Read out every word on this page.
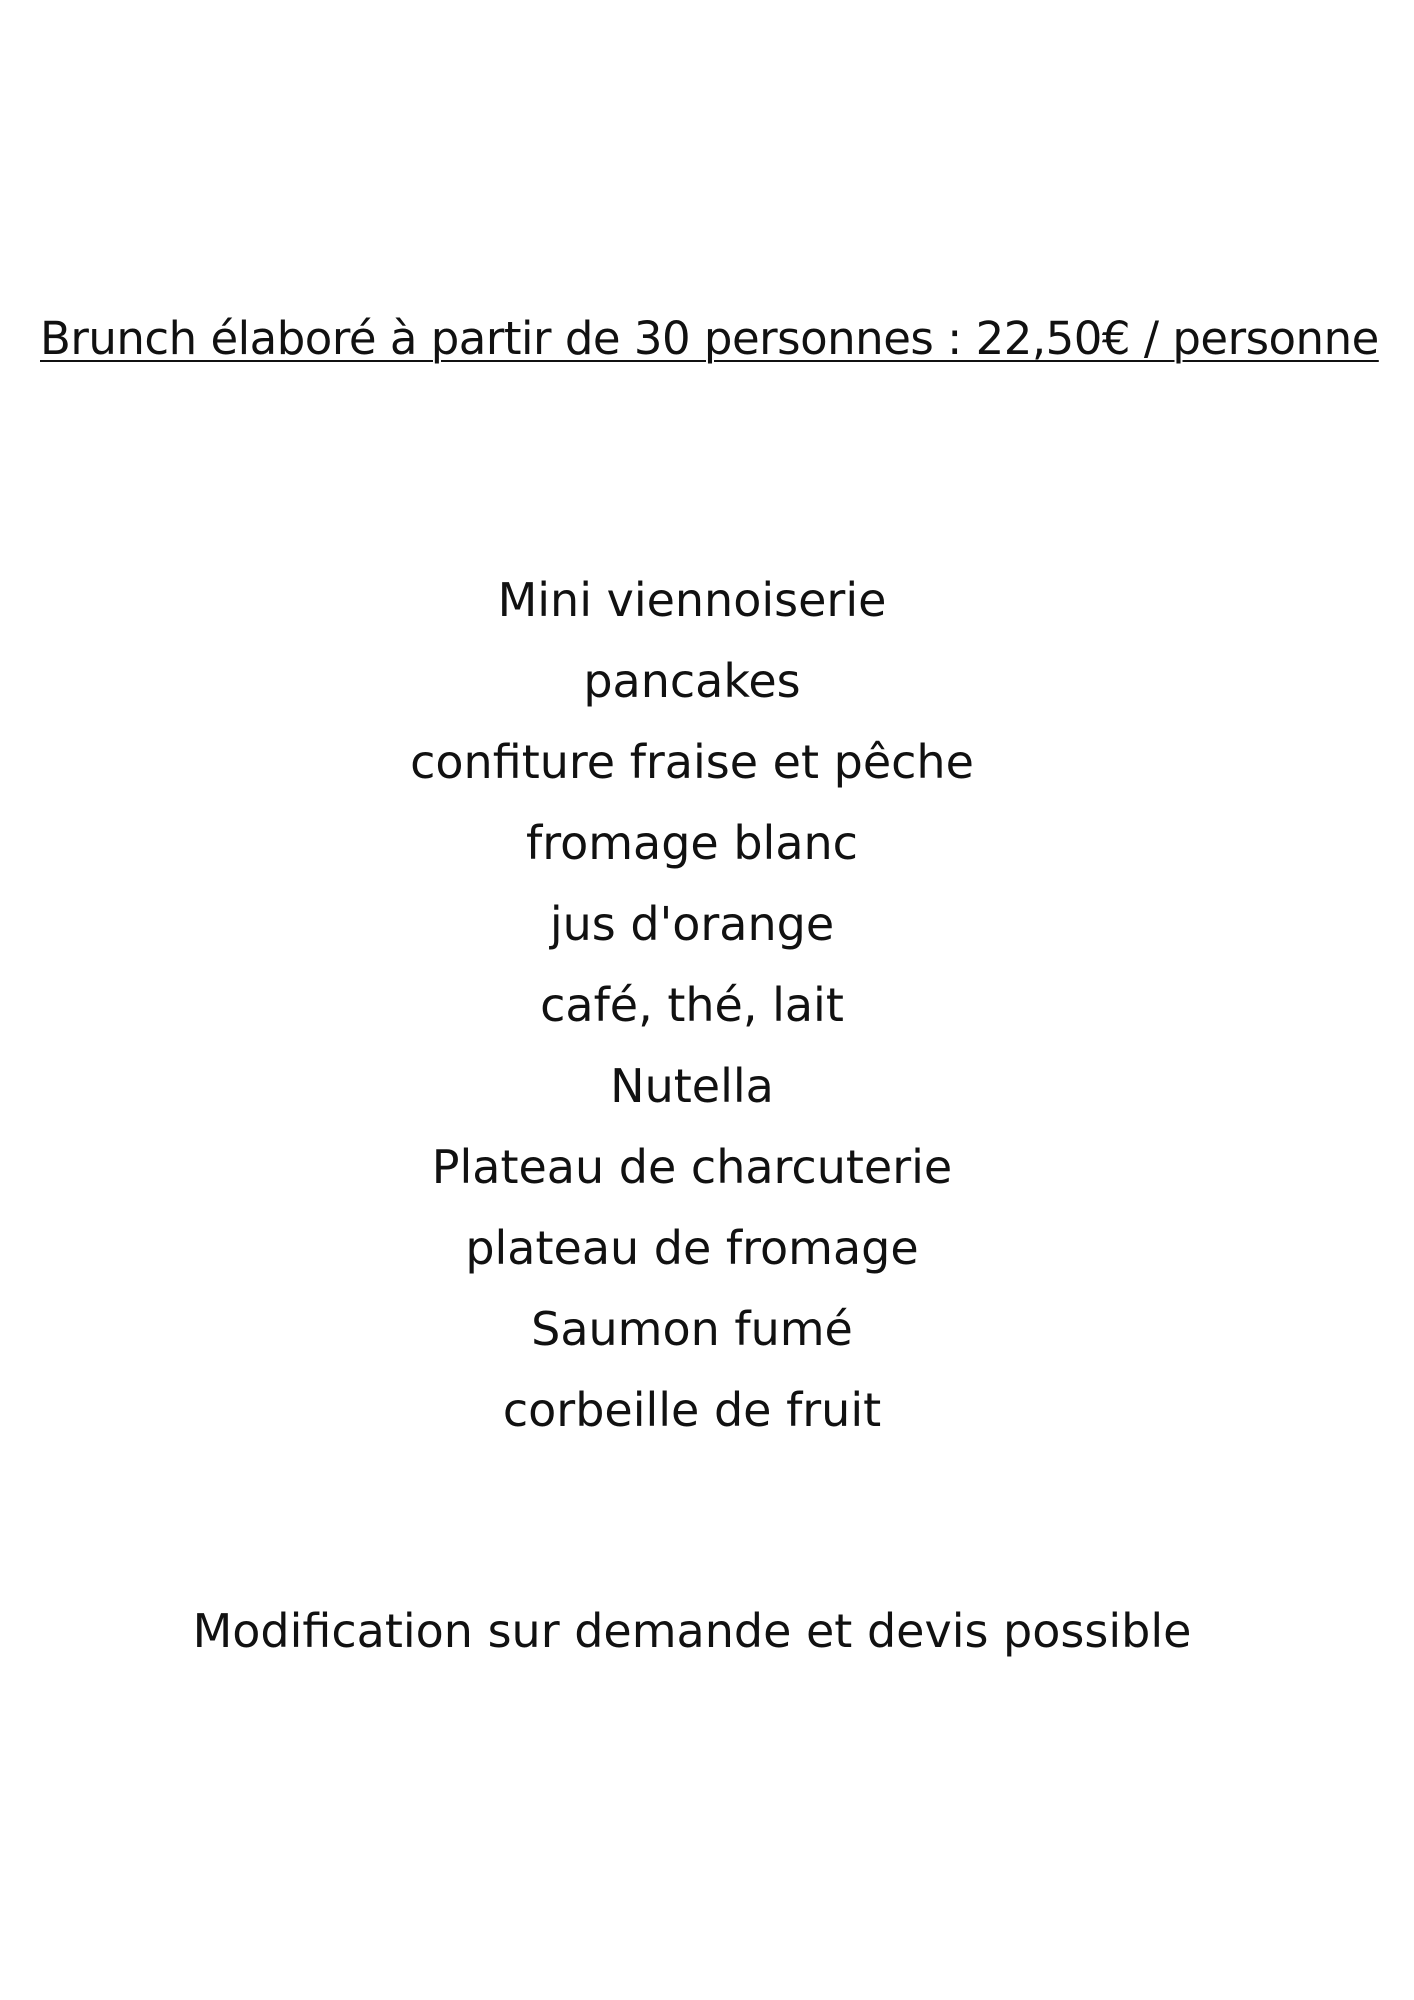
Brunch élaboré à partir de 30 personnes : 22,50€ / personne
Mini viennoiserie
pancakes
confiture fraise et pêche
fromage blanc
jus d'orange
café, thé, lait
Nutella
Plateau de charcuterie
plateau de fromage
Saumon fumé
corbeille de fruit
Modification sur demande et devis possible
